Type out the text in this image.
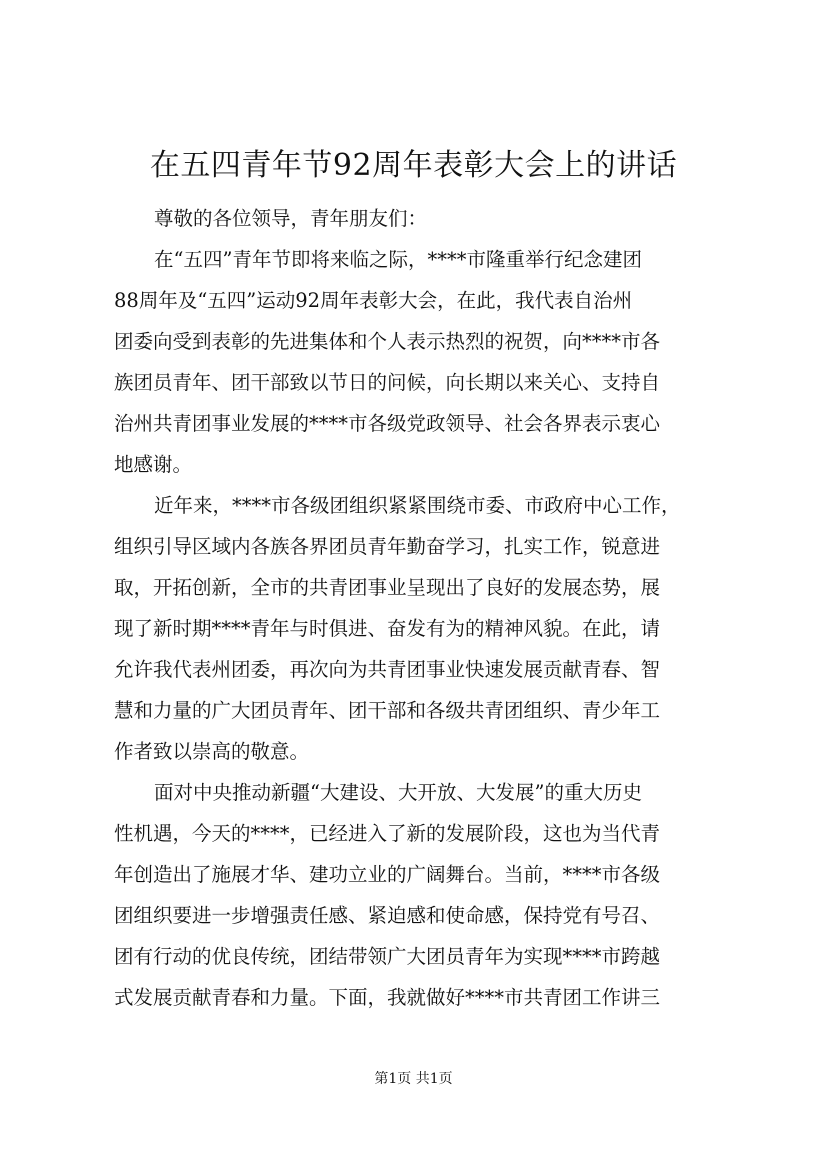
在五四青年节92周年表彰大会上的讲话
尊敬的各位领导，青年朋友们：
在“五四”青年节即将来临之际，****市隆重举行纪念建团
88周年及“五四”运动92周年表彰大会，在此，我代表自治州
团委向受到表彰的先进集体和个人表示热烈的祝贺，向****市各
族团员青年、团干部致以节日的问候，向长期以来关心、支持自
治州共青团事业发展的****市各级党政领导、社会各界表示衷心
地感谢。
近年来，****市各级团组织紧紧围绕市委、市政府中心工作，
组织引导区域内各族各界团员青年勤奋学习，扎实工作，锐意进
取，开拓创新，全市的共青团事业呈现出了良好的发展态势，展
现了新时期****青年与时俱进、奋发有为的精神风貌。在此，请
允许我代表州团委，再次向为共青团事业快速发展贡献青春、智
慧和力量的广大团员青年、团干部和各级共青团组织、青少年工
作者致以崇高的敬意。
面对中央推动新疆“大建设、大开放、大发展”的重大历史
性机遇，今天的****，已经进入了新的发展阶段，这也为当代青
年创造出了施展才华、建功立业的广阔舞台。当前，****市各级
团组织要进一步增强责任感、紧迫感和使命感，保持党有号召、
团有行动的优良传统，团结带领广大团员青年为实现****市跨越
式发展贡献青春和力量。下面，我就做好****市共青团工作讲三
第1页 共1页
